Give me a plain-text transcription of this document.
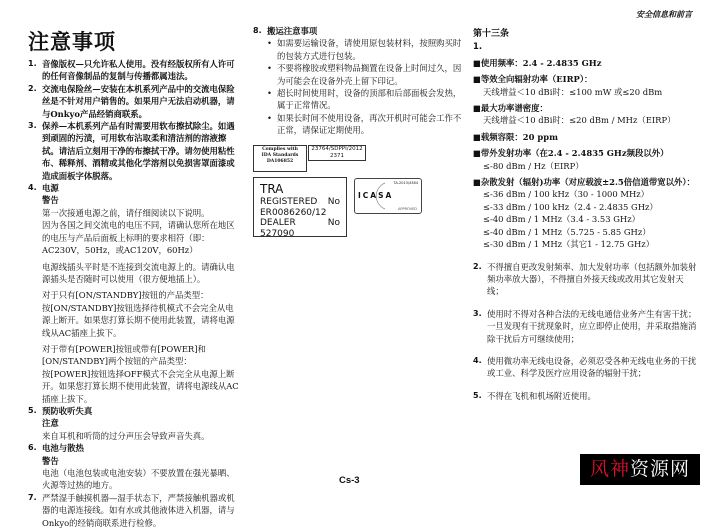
安全信息和前言
注意事项
1. 音像版权—只允许私人使用。没有经版权所有人许可的任何音像制品的复制与传播都属违法。
2. 交流电保险丝—安装在本机系列产品中的交流电保险丝是不针对用户销售的。如果用户无法启动机器，请与Onkyo产品经销商联系。
3. 保养—本机系列产品有时需要用软布擦拭除尘。如遇到顽固的污渍，可用软布沾取柔和清洁剂的溶液擦拭。请洁后立刻用干净的布擦拭干净。请勿使用粘性布、稀释剂、酒精或其他化学溶剂以免损害罩面漆或造成面板字体脱落。
4. 电源
警告
第一次接通电源之前，请仔细阅读以下说明。
因为各国之间交流电的电压不同，请确认您所在地区的电压与产品后面板上标明的要求相符（即：AC230V，50Hz，或AC120V，60Hz）
电源线插头平时是不连接到交流电源上的。请确认电源插头是否随时可以使用（很方便地插上）。
对于只有[ON/STANDBY]按钮的产品类型：
按[ON/STANDBY]按钮选择待机模式不会完全从电源上断开。如果您打算长期不使用此装置，请将电源线从AC插座上拔下。
对于带有[POWER]按钮或带有[POWER]和[ON/STANDBY]两个按钮的产品类型：
按[POWER]按钮选择OFF模式不会完全从电源上断开。如果您打算长期不使用此装置，请将电源线从AC插座上拔下。
5. 预防收听失真
注意
来自耳机和听筒的过分声压会导致声音失真。
6. 电池与散热
警告
电池（电池包装或电池安装）不要放置在强光暴晒、火源等过热的地方。
7. 严禁湿手触摸机器—湿手状态下，严禁接触机器或机器的电源连接线。如有水或其他液体进入机器，请与Onkyo的经销商联系进行检修。
8. 搬运注意事项
• 如需要运输设备，请使用原包装材料，按照购买时的包装方式进行包装。
• 不要将橡胶或塑料物品搁置在设备上时间过久，因为可能会在设备外壳上留下印记。
• 超长时间使用时，设备的顶部和后部面板会发热，属于正常情况。
• 如果长时间不使用设备，再次开机时可能会工作不正常，请保证定期使用。
Complies with
IDA Standards
DA106852
23764/SDPPI/2012
2371
TRA
REGISTERED No
ER0086260/12
DEALER	No
527090
TA-2013/4384
ICASA
APPROVED
第十三条
1.
■使用频率：2.4 - 2.4835 GHz
■等效全向辐射功率（EIRP）：
天线增益＜10 dBi时：≤100 mW 或≤20 dBm
■最大功率谱密度：
天线增益＜10 dBi时：≤20 dBm / MHz（EIRP）
■载频容限：20 ppm
■带外发射功率（在2.4 - 2.4835 GHz频段以外）
≤-80 dBm / Hz（EIRP）
■杂散发射（辐射)功率（对应载波±2.5倍信道带宽以外）：
≤-36 dBm / 100 kHz（30 - 1000 MHz）
≤-33 dBm / 100 kHz（2.4 - 2.4835 GHz）
≤-40 dBm / 1 MHz（3.4 - 3.53 GHz）
≤-40 dBm / 1 MHz（5.725 - 5.85 GHz）
≤-30 dBm / 1 MHz（其它1 - 12.75 GHz）
2. 不得擅自更改发射频率、加大发射功率（包括额外加装射频功率放大器），不得擅自外接天线或改用其它发射天线；
3. 使用时不得对各种合法的无线电通信业务产生有害干扰；一旦发现有干扰现象时，应立即停止使用，并采取措施消除干扰后方可继续使用；
4. 使用微功率无线电设备，必须忍受各种无线电业务的干扰或工业、科学及医疗应用设备的辐射干扰；
5. 不得在飞机和机场附近使用。
Cs-3
风神资源网
